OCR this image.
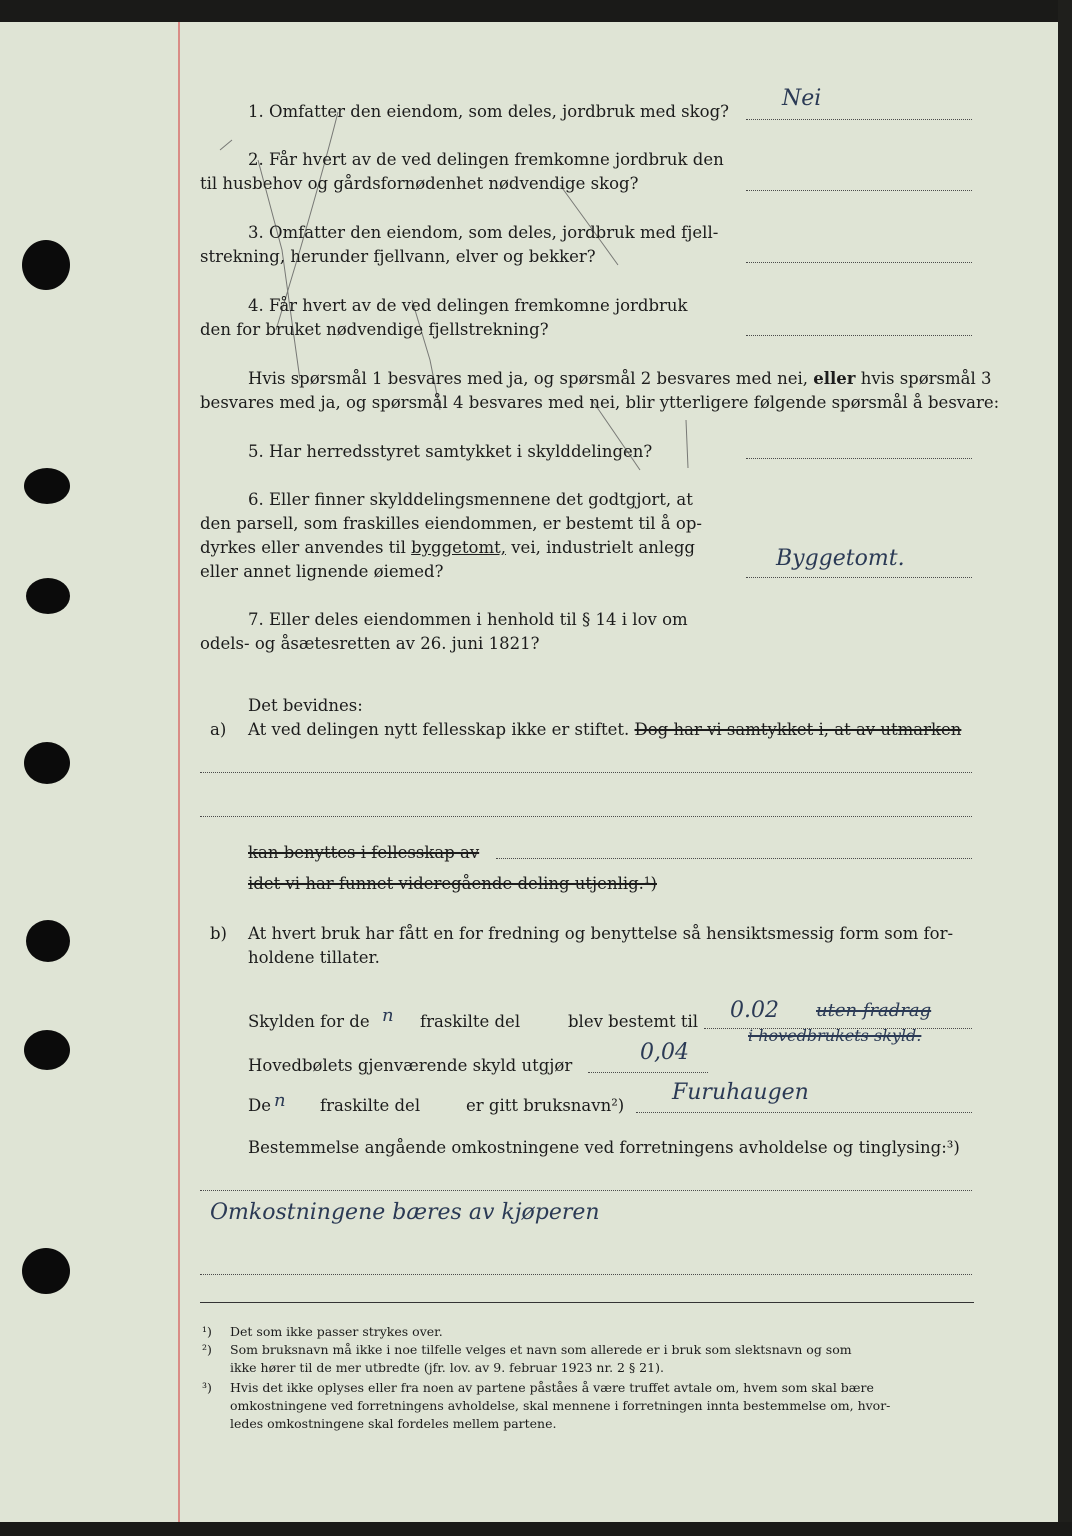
1. Omfatter den eiendom, som deles, jordbruk med skog?
Nei
2. Får hvert av de ved delingen fremkomne jordbruk den
til husbehov og gårdsfornødenhet nødvendige skog?
3. Omfatter den eiendom, som deles, jordbruk med fjell-
strekning, herunder fjellvann, elver og bekker?
4. Får hvert av de ved delingen fremkomne jordbruk
den for bruket nødvendige fjellstrekning?
Hvis spørsmål 1 besvares med ja, og spørsmål 2 besvares med nei, eller hvis spørsmål 3
besvares med ja, og spørsmål 4 besvares med nei, blir ytterligere følgende spørsmål å besvare:
5. Har herredsstyret samtykket i skylddelingen?
6. Eller finner skylddelingsmennene det godtgjort, at
den parsell, som fraskilles eiendommen, er bestemt til å op-
dyrkes eller anvendes til byggetomt, vei, industrielt anlegg
eller annet lignende øiemed?
Byggetomt.
7. Eller deles eiendommen i henhold til § 14 i lov om
odels- og åsætesretten av 26. juni 1821?
Det bevidnes:
a) At ved delingen nytt fellesskap ikke er stiftet. Dog har vi samtykket i, at av utmarken
kan benyttes i fellesskap av
idet vi har funnet videregående deling utjenlig.¹)
b) At hvert bruk har fått en for fredning og benyttelse så hensiktsmessig form som for-
holdene tillater.
Skylden for de n fraskilte del	blev bestemt til 0.02 uten fradrag
i hovedbrukets skyld.
Hovedbølets gjenværende skyld utgjør
0,04
De n fraskilte del	er gitt bruksnavn²)
Furuhaugen
Bestemmelse angående omkostningene ved forretningens avholdelse og tinglysing:³)
Omkostningene bæres av kjøperen
¹) Det som ikke passer strykes over.
²) Som bruksnavn må ikke i noe tilfelle velges et navn som allerede er i bruk som slektsnavn og som
ikke hører til de mer utbredte (jfr. lov. av 9. februar 1923 nr. 2 § 21).
³) Hvis det ikke oplyses eller fra noen av partene påståes å være truffet avtale om, hvem som skal bære
omkostningene ved forretningens avholdelse, skal mennene i forretningen innta bestemmelse om, hvor-
ledes omkostningene skal fordeles mellem partene.
